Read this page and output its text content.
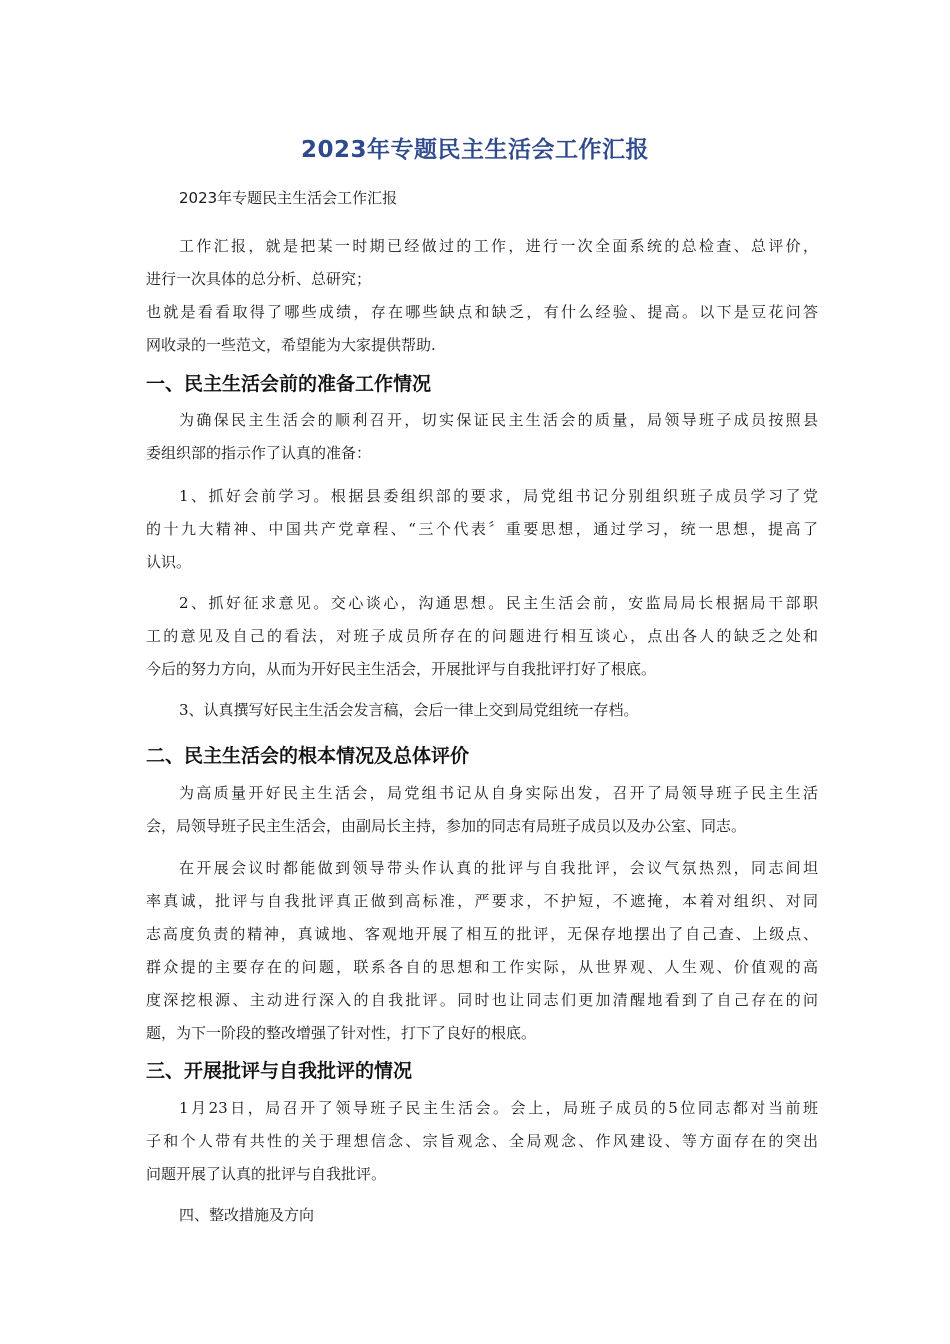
2023年专题民主生活会工作汇报
2023年专题民主生活会工作汇报
工作汇报，就是把某一时期已经做过的工作，进行一次全面系统的总检查、总评价，
进行一次具体的总分析、总研究；
也就是看看取得了哪些成绩，存在哪些缺点和缺乏，有什么经验、提高。以下是豆花问答
网收录的一些范文，希望能为大家提供帮助.
一、民主生活会前的准备工作情况
为确保民主生活会的顺利召开，切实保证民主生活会的质量，局领导班子成员按照县
委组织部的指示作了认真的准备：
1、抓好会前学习。根据县委组织部的要求，局党组书记分别组织班子成员学习了党
的十九大精神、中国共产党章程、“三个代表〞重要思想，通过学习，统一思想，提高了
认识。
2、抓好征求意见。交心谈心，沟通思想。民主生活会前，安监局局长根据局干部职
工的意见及自己的看法，对班子成员所存在的问题进行相互谈心，点出各人的缺乏之处和
今后的努力方向，从而为开好民主生活会，开展批评与自我批评打好了根底。
3、认真撰写好民主生活会发言稿，会后一律上交到局党组统一存档。
二、民主生活会的根本情况及总体评价
为高质量开好民主生活会，局党组书记从自身实际出发，召开了局领导班子民主生活
会，局领导班子民主生活会，由副局长主持，参加的同志有局班子成员以及办公室、同志。
在开展会议时都能做到领导带头作认真的批评与自我批评，会议气氛热烈，同志间坦
率真诚，批评与自我批评真正做到高标准，严要求，不护短，不遮掩，本着对组织、对同
志高度负责的精神，真诚地、客观地开展了相互的批评，无保存地摆出了自己查、上级点、
群众提的主要存在的问题，联系各自的思想和工作实际，从世界观、人生观、价值观的高
度深挖根源、主动进行深入的自我批评。同时也让同志们更加清醒地看到了自己存在的问
题，为下一阶段的整改增强了针对性，打下了良好的根底。
三、开展批评与自我批评的情况
1月23日，局召开了领导班子民主生活会。会上，局班子成员的5位同志都对当前班
子和个人带有共性的关于理想信念、宗旨观念、全局观念、作风建设、等方面存在的突出
问题开展了认真的批评与自我批评。
四、整改措施及方向
